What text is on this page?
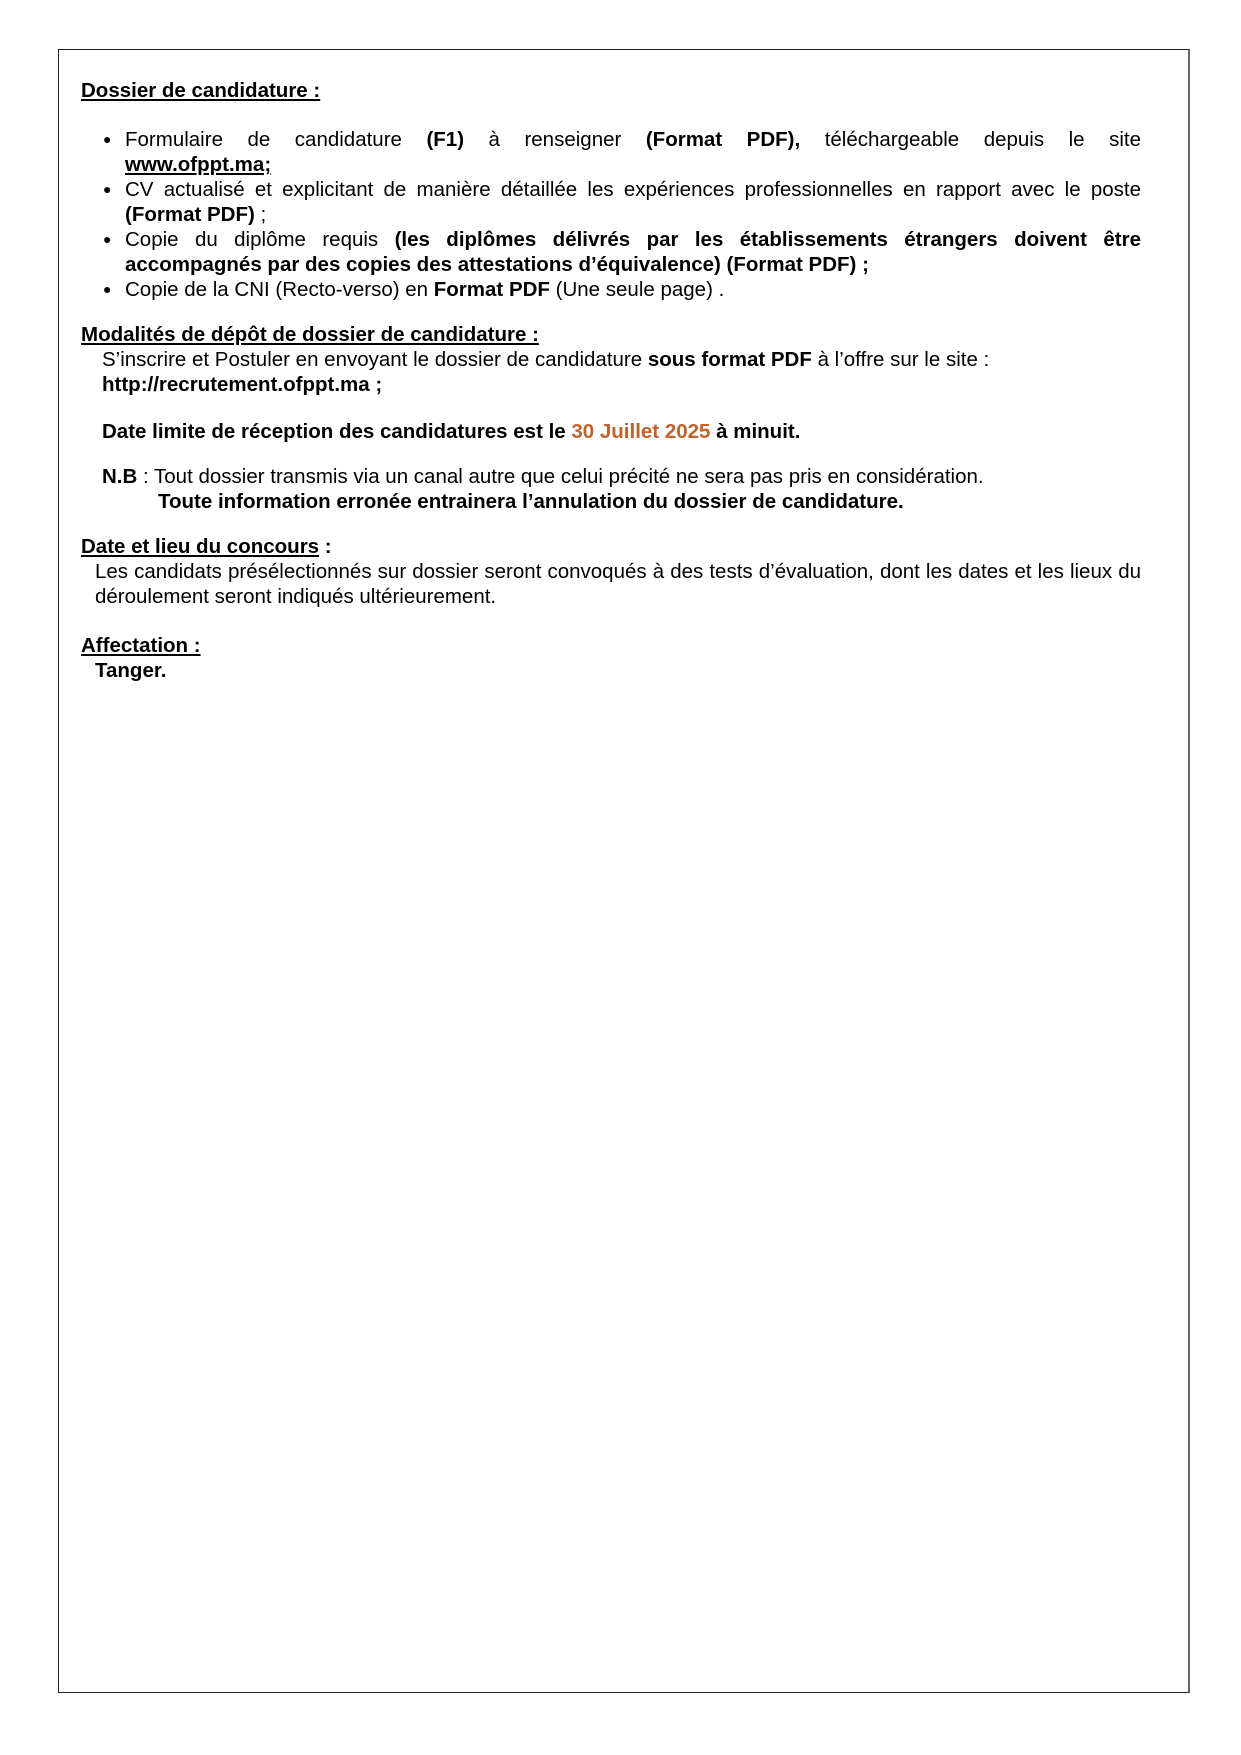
Dossier de candidature :

● Formulaire de candidature (F1) à renseigner (Format PDF), téléchargeable depuis le site
www.ofppt.ma;
● CV actualisé et explicitant de manière détaillée les expériences professionnelles en rapport avec le poste (Format PDF) ;
● Copie du diplôme requis (les diplômes délivrés par les établissements étrangers doivent être accompagnés par des copies des attestations d’équivalence) (Format PDF) ;
● Copie de la CNI (Recto-verso) en Format PDF (Une seule page) .

Modalités de dépôt de dossier de candidature :

S’inscrire et Postuler en envoyant le dossier de candidature sous format PDF à l’offre sur le site :
http://recrutement.ofppt.ma ;

Date limite de réception des candidatures est le 30 Juillet 2025 à minuit.

N.B : Tout dossier transmis via un canal autre que celui précité ne sera pas pris en considération.

Toute information erronée entrainera l’annulation du dossier de candidature.

Date et lieu du concours :

Les candidats présélectionnés sur dossier seront convoqués à des tests d’évaluation, dont les dates et les lieux du déroulement seront indiqués ultérieurement.

Affectation :

Tanger.
